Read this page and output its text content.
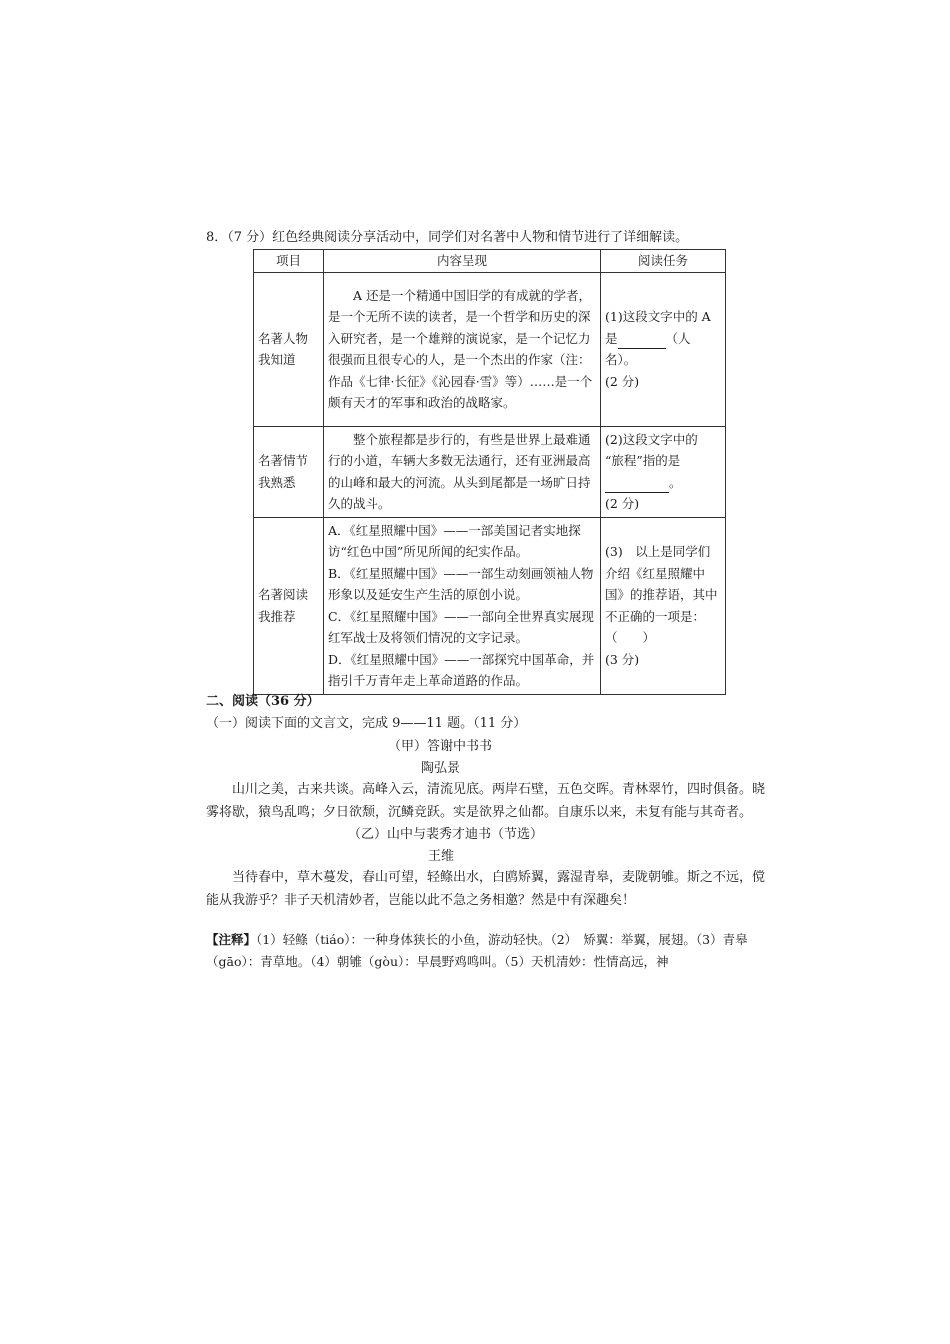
8．（7 分）红色经典阅读分享活动中，同学们对名著中人物和情节进行了详细解读。
项目	内容呈现	阅读任务
名著人物
我知道	A 还是一个精通中国旧学的有成就的学者，是一个无所不读的读者，是一个哲学和历史的深入研究者，是一个雄辩的演说家，是一个记忆力很强而且很专心的人，是一个杰出的作家（注：作品《七律·长征》《沁园春·雪》等）……是一个颇有天才的军事和政治的战略家。	(1)这段文字中的 A
是 （人名）。
(2 分)
名著情节
我熟悉	整个旅程都是步行的，有些是世界上最难通行的小道，车辆大多数无法通行，还有亚洲最高的山峰和最大的河流。从头到尾都是一场旷日持久的战斗。	(2)这段文字中的
“旅程”指的是
。
(2 分)
名著阅读
我推荐	A．《红星照耀中国》——一部美国记者实地探访“红色中国”所见所闻的纪实作品。
B．《红星照耀中国》——一部生动刻画领袖人物形象以及延安生产生活的原创小说。
C．《红星照耀中国》——一部向全世界真实展现红军战士及将领们情况的文字记录。
D．《红星照耀中国》——一部探究中国革命，并指引千万青年走上革命道路的作品。	(3)　以上是同学们介绍《红星照耀中国》的推荐语，其中不正确的一项是：
（　　）
(3 分)
二、阅读（36 分）
（一）阅读下面的文言文，完成 9——11 题。（11 分）
（甲）答谢中书书
陶弘景
山川之美，古来共谈。高峰入云，清流见底。两岸石壁，五色交晖。青林翠竹，四时俱备。晓雾将歇，猿鸟乱鸣；夕日欲颓，沉鳞竞跃。实是欲界之仙都。自康乐以来，未复有能与其奇者。
（乙）山中与裴秀才迪书（节选）
王维
当待春中，草木蔓发，春山可望，轻鲦出水，白鸥矫翼，露湿青皋，麦陇朝雊。斯之不远，傥能从我游乎？非子天机清妙者，岂能以此不急之务相邀？然是中有深趣矣！
【注释】（1）轻鲦（tiáo）：一种身体狭长的小鱼，游动轻快。（2）　矫翼：举翼，展翅。（3）青皋（gāo）：青草地。（4）朝雊（gòu）：早晨野鸡鸣叫。（5）天机清妙：性情高远，神
